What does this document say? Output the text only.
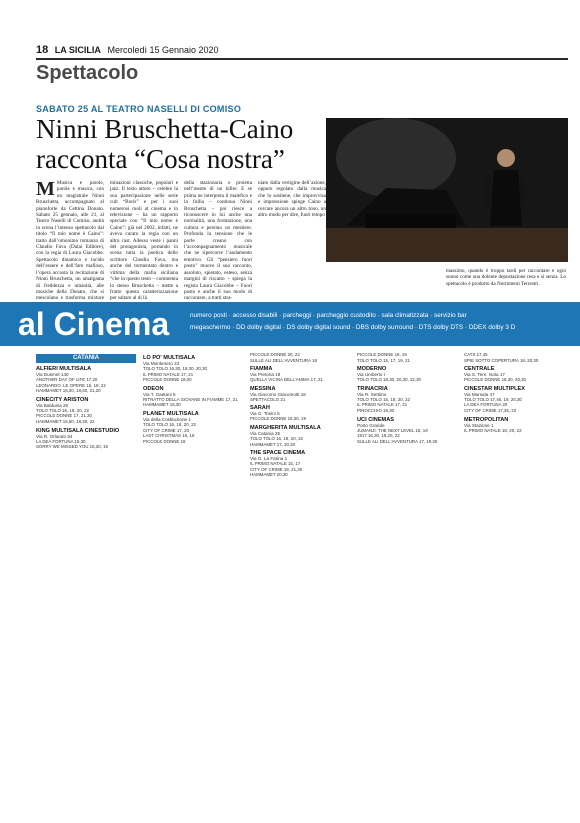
18 LA SICILIA Mercoledì 15 Gennaio 2020
Spettacolo
SABATO 25 AL TEATRO NASELLI DI COMISO
Ninni Bruschetta-Caino racconta “Cosa nostra”
M Musica e parole, parole e musica, con un magistrale Ninni Bruschetta, accompagnato al pianoforte da Cettina Donato. Sabato 25 gennaio, alle 21, al Teatro Naselli di Comiso, andrà in scena l’intenso spettacolo dal titolo “Il mio nome è Caino”: tratto dall’omonimo romanzo di Claudio Fava (Dalai Editore), con la regia di Laura Giacobbe. Spettacolo dinamico e lucido dell’essere e dell’fare mafioso, l’opera accosta la recitazione di Ninni Bruschetta, un amalgama di freddezza e umanità, alle musiche della Donato, che si mescolano e trasforma mixture
minazioni classiche, popolari e jazz. Il testo attore – celebre la sua partecipazione nelle serie cult “Boris” e per i suoi numerosi ruoli al cinema e in televisione – ha un rapporto speciale con “Il mio nome è Caino”: già nel 2002, infatti, ne aveva curato la regia con un altro cast. Adesso veste i panni del protagonista, portando in scena tutta la poetica dello scrittore Claudio Fava, ma anche del tormentato dentro e vittima della mafia siciliana “che in questo testo – commenta lo stesso Bruschetta – mette a frutto questa caratterizzazione per saltare al di là
della stazionaria e proietta nell’mente di un killer. E se prima ne interpreta il malefico e la follia – continua Ninni Bruschetta – poi riesce a riconoscere in lui anche una normalità, una formazione, una cultura e persino un mestiere. Profonda la tensione che le porle creano con l’accompagnamento musicale che ne ripercorre l’andamento emotivo. Gli “pensiero fuori posto” muove il suo racconto, assoluto, spietato, esteso, senza margini di riscatto – spiega la regista Laura Giacobbe – Fuori posto e anche il suo modo di raccontare, a tratti stra-
niato dalla vertigine dell’azione, oppure regolato dalla musica che lo sostiene, che improvvisa e impressione spinge Caino a cercare ancora un altro tono, un altro modo per dire, fuori tempo
massimo, quando è troppo tardi per raccontare e ogni suono come una dolente depostazione resa e si senza. Lo spettacolo è prodotto da Nutrimenti Terrestri.
al Cinema	numero posti · accesso disabili · parcheggi · parcheggio custodito · sala climatizzata · servizio bar
megaschermo · DD dolby digital · DS dolby digital sound · DBS dolby surround · DTS dolby DTS · DDEX dolby 3 D
CATANIA
ALFIERI MULTISALA
Via Dusmet 140
ANOTHER DAY OF LIFE 17,20
LEONARDO. LE OPERE 16, 18, 22
HAMMAMET 16,20, 18,50, 21,20
CINECITY ARISTON
Via Balduina 25
TOLO TOLO 16, 18, 20, 22
PICCOLE DONNE 17, 21,30
HAMMAMET 16,50, 19,30, 22
KING MULTISALA CINESTUDIO
Via R. Orlando 54
LA DEA FORTUNA 15,30
SORRY WE MISSED YOU 15,30, 19
LO PO' MULTISALA
Via Montenero 23
TOLO TOLO 16,30, 18,30, 20,30
IL PRIMO NATALE 17, 21
PICCOLE DONNE 19,00
ODEON
Via T. Gaetani 5
RITRATTO DELLA GIOVANE IN FIAMME 17, 21
HAMMAMET 18,30
PLANET MULTISALA
Via della Costituzione 1
TOLO TOLO 16, 18, 20, 22
CITY OF CRIME 17, 20
LAST CHRISTMAS 16, 18
PICCOLE DONNE 19
PICCOLE DONNE 20, 22
SULLE ALI DELL'AVVENTURA 18
FIAMMA
Via Pretoria 19
QUELLA VICINA DELL'ANIMA 17, 21
MESSINA
Via Giacomo Giacomotti 18
SPETTACOLO 21
SARAH
Via G. Tonini 5
PICCOLE DONNE 16,30, 19
MARGHERITA MULTISALA
Via Catania 25
TOLO TOLO 16, 18, 20, 22
HAMMAMET 17, 20,30
THE SPACE CINEMA
Via G. La Farina 1
IL PRIMO NATALE 15, 17
CITY OF CRIME 19, 21,30
HAMMAMET 20,30
PICCOLE DONNE 16, 19
TOLO TOLO 15, 17, 19, 21
MODERNO
Via Umberto I
TOLO TOLO 18,30, 20,30, 22,30
TRINACRIA
Via R. Settimo
TOLO TOLO 16, 18, 20, 22
IL PRIMO NATALE 17, 21
PINOCCHIO 19,30
UCI CINEMAS
Porto Grande
JUMANJI: THE NEXT LEVEL 16, 19
1917 16,30, 19,20, 22
SULLE ALI DELL'AVVENTURA 17, 19,30
CATS 17,45
SPIE SOTTO COPERTURA 18, 20,30
CENTRALE
Via S. Tere. Isola 17
PICCOLE DONNE 18,30, 20,30
CINESTAR MULTIPLEX
Via Marsala 47
TOLO TOLO 17,45, 19, 20,30
LA DEA FORTUNA 20
CITY OF CRIME 17,35, 22
METROPOLITAN
Via Stazione 1
IL PRIMO NATALE 18, 20, 22
